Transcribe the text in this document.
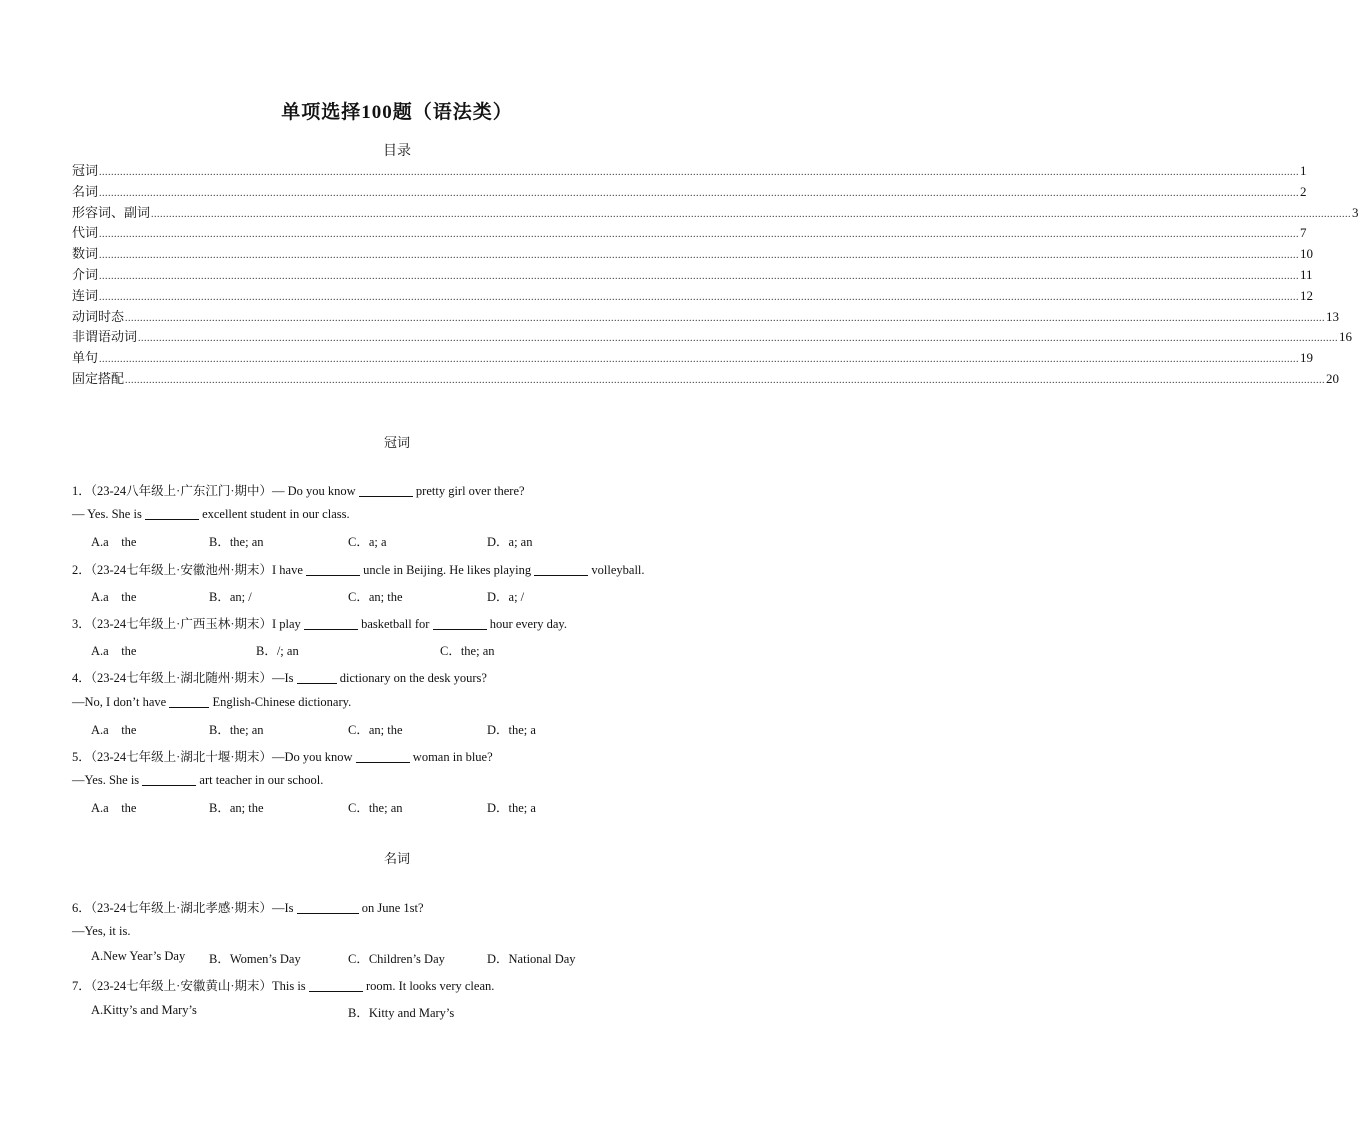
单项选择100题（语法类）
目录
冠词 ................................................................................................................................................................................................................................................................................................................................................................................................................ 1
名词 ................................................................................................................................................................................................................................................................................................................................................................................................................ 2
形容词、副词 ................................................................................................................................................................................................................................................................................................................................................................................................................ 3
代词 ................................................................................................................................................................................................................................................................................................................................................................................................................ 7
数词 ................................................................................................................................................................................................................................................................................................................................................................................................................ 10
介词 ................................................................................................................................................................................................................................................................................................................................................................................................................ 11
连词 ................................................................................................................................................................................................................................................................................................................................................................................................................ 12
动词时态 ................................................................................................................................................................................................................................................................................................................................................................................................................ 13
非谓语动词 ................................................................................................................................................................................................................................................................................................................................................................................................................ 16
单句 ................................................................................................................................................................................................................................................................................................................................................................................................................ 19
固定搭配 ................................................................................................................................................................................................................................................................................................................................................................................................................ 20
冠词
1．（23-24八年级上·广东江门·期中）— Do you know	pretty girl over there?
— Yes. She is	excellent student in our class.
A.a　the	B．the; an	C．a; a	D．a; an
2．（23-24七年级上·安徽池州·期末）I have	uncle in Beijing. He likes playing	volleyball.
A.a　the	B．an; /	C．an; the	D．a; /
3．（23-24七年级上·广西玉林·期末）I play	basketball for	hour every day.
A.a　the	B．/; an	C．the; an
4．（23-24七年级上·湖北随州·期末）—Is	dictionary on the desk yours?
—No, I don’t have	English-Chinese dictionary.
A.a　the	B．the; an	C．an; the	D．the; a
5．（23-24七年级上·湖北十堰·期末）—Do you know	woman in blue?
—Yes. She is	art teacher in our school.
A.a　the	B．an; the	C．the; an	D．the; a
名词
6．（23-24七年级上·湖北孝感·期末）—Is	on June 1st?
—Yes, it is.
A.New Year’s Day B．Women’s Day	C．Children’s Day	D．National Day
7．（23-24七年级上·安徽黄山·期末）This is	room. It looks very clean.
A.Kitty’s and Mary’s	B．Kitty and Mary’s
